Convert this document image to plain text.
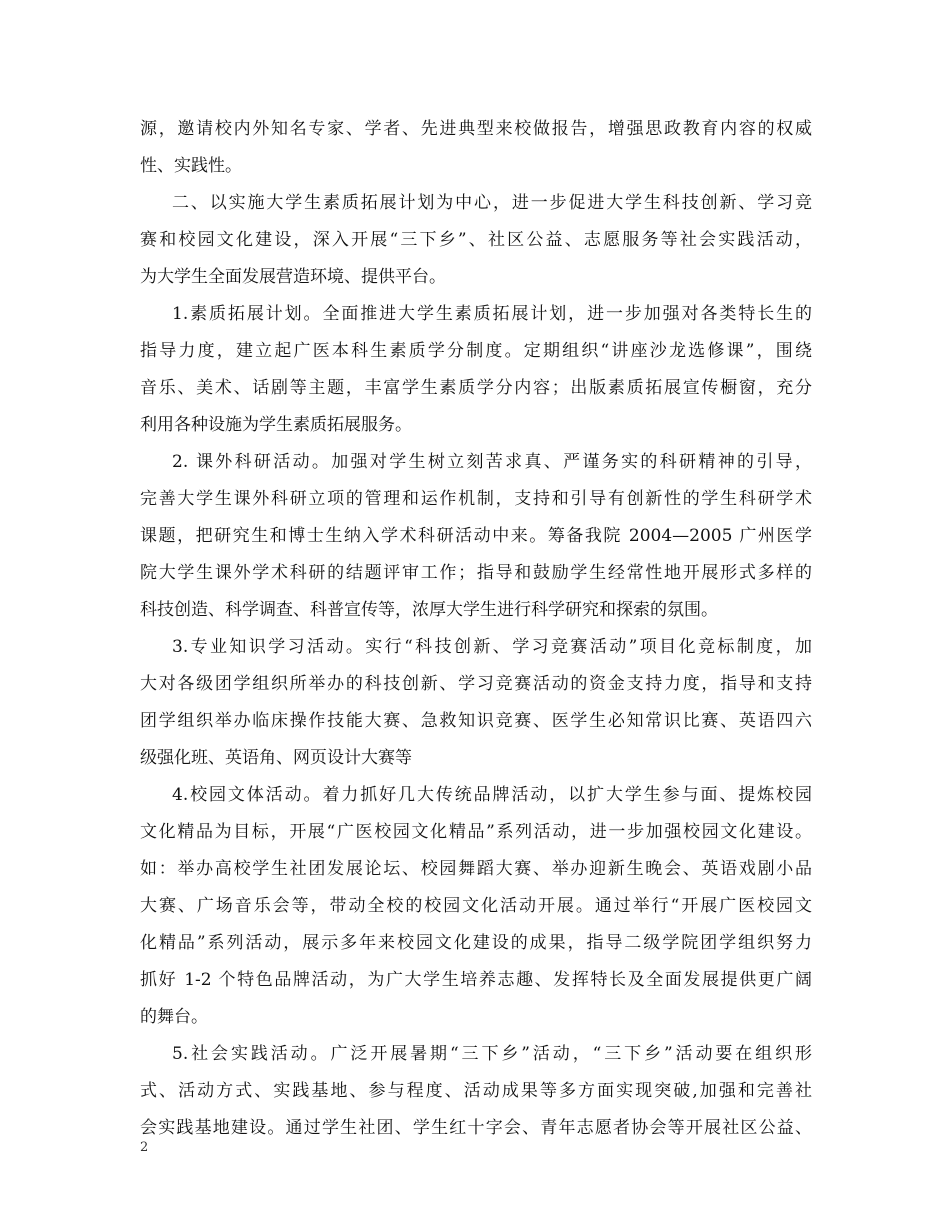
源，邀请校内外知名专家、学者、先进典型来校做报告，增强思政教育内容的权威
性、实践性。
二、以实施大学生素质拓展计划为中心，进一步促进大学生科技创新、学习竞
赛和校园文化建设，深入开展“三下乡”、社区公益、志愿服务等社会实践活动，
为大学生全面发展营造环境、提供平台。
1.素质拓展计划。全面推进大学生素质拓展计划，进一步加强对各类特长生的
指导力度，建立起广医本科生素质学分制度。定期组织“讲座沙龙选修课”，围绕
音乐、美术、话剧等主题，丰富学生素质学分内容；出版素质拓展宣传橱窗，充分
利用各种设施为学生素质拓展服务。
2. 课外科研活动。加强对学生树立刻苦求真、严谨务实的科研精神的引导，
完善大学生课外科研立项的管理和运作机制，支持和引导有创新性的学生科研学术
课题，把研究生和博士生纳入学术科研活动中来。筹备我院 2004—2005 广州医学
院大学生课外学术科研的结题评审工作；指导和鼓励学生经常性地开展形式多样的
科技创造、科学调查、科普宣传等，浓厚大学生进行科学研究和探索的氛围。
3.专业知识学习活动。实行“科技创新、学习竞赛活动”项目化竞标制度，加
大对各级团学组织所举办的科技创新、学习竞赛活动的资金支持力度，指导和支持
团学组织举办临床操作技能大赛、急救知识竞赛、医学生必知常识比赛、英语四六
级强化班、英语角、网页设计大赛等
4.校园文体活动。着力抓好几大传统品牌活动，以扩大学生参与面、提炼校园
文化精品为目标，开展“广医校园文化精品”系列活动，进一步加强校园文化建设。
如：举办高校学生社团发展论坛、校园舞蹈大赛、举办迎新生晚会、英语戏剧小品
大赛、广场音乐会等，带动全校的校园文化活动开展。通过举行“开展广医校园文
化精品”系列活动，展示多年来校园文化建设的成果，指导二级学院团学组织努力
抓好 1-2 个特色品牌活动，为广大学生培养志趣、发挥特长及全面发展提供更广阔
的舞台。
5.社会实践活动。广泛开展暑期“三下乡”活动，“三下乡”活动要在组织形
式、活动方式、实践基地、参与程度、活动成果等多方面实现突破,加强和完善社
会实践基地建设。通过学生社团、学生红十字会、青年志愿者协会等开展社区公益、
2
